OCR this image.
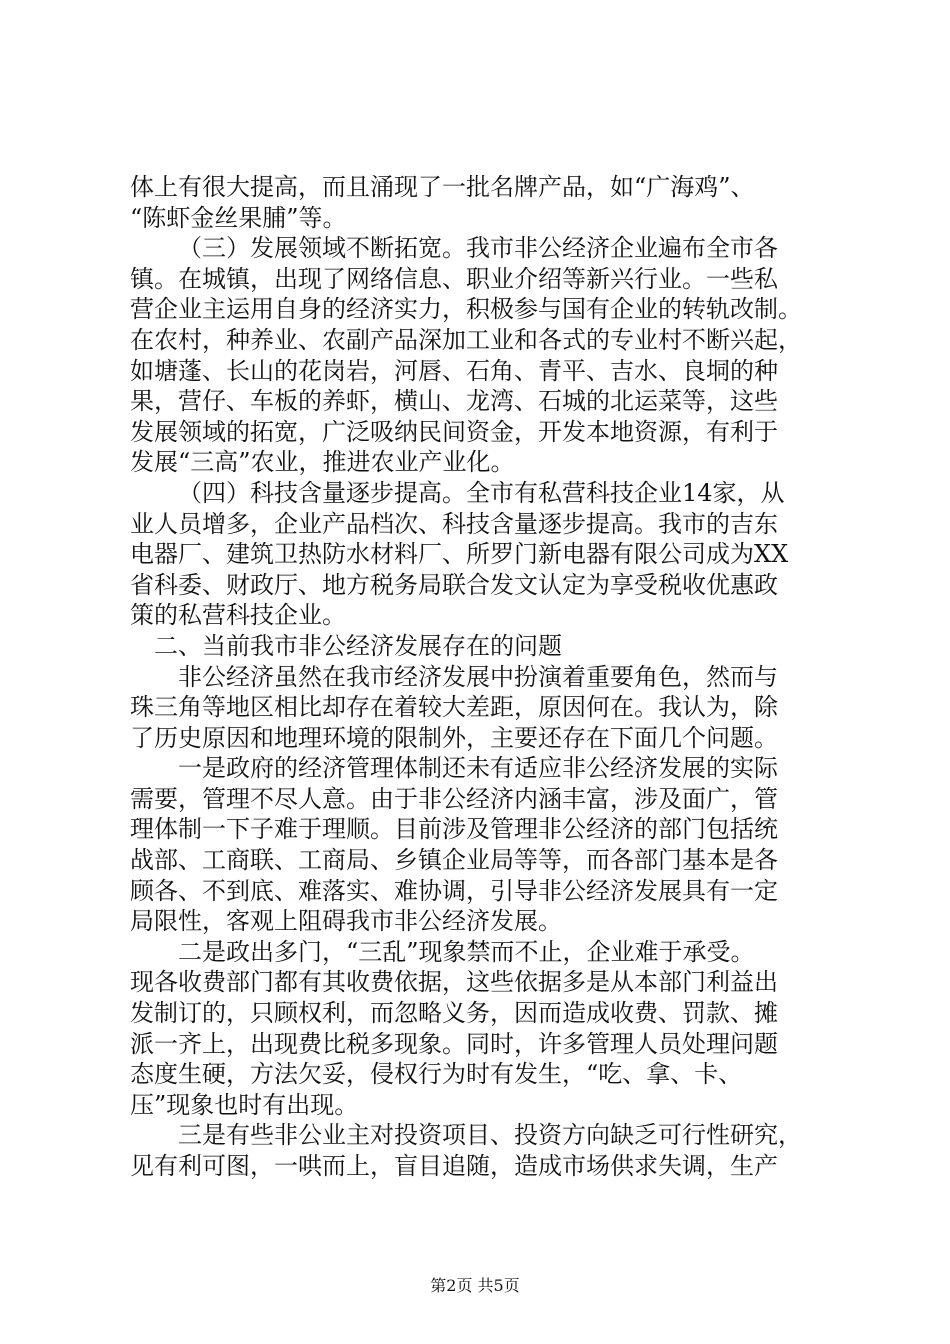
体上有很大提高，而且涌现了一批名牌产品，如“广海鸡”、
“陈虾金丝果脯”等。
（三）发展领域不断拓宽。我市非公经济企业遍布全市各
镇。在城镇，出现了网络信息、职业介绍等新兴行业。一些私
营企业主运用自身的经济实力，积极参与国有企业的转轨改制。
在农村，种养业、农副产品深加工业和各式的专业村不断兴起，
如塘蓬、长山的花岗岩，河唇、石角、青平、吉水、良垌的种
果，营仔、车板的养虾，横山、龙湾、石城的北运菜等，这些
发展领域的拓宽，广泛吸纳民间资金，开发本地资源，有利于
发展“三高”农业，推进农业产业化。
（四）科技含量逐步提高。全市有私营科技企业14家，从
业人员增多，企业产品档次、科技含量逐步提高。我市的吉东
电器厂、建筑卫热防水材料厂、所罗门新电器有限公司成为XX
省科委、财政厅、地方税务局联合发文认定为享受税收优惠政
策的私营科技企业。
二、当前我市非公经济发展存在的问题
非公经济虽然在我市经济发展中扮演着重要角色，然而与
珠三角等地区相比却存在着较大差距，原因何在。我认为，除
了历史原因和地理环境的限制外，主要还存在下面几个问题。
一是政府的经济管理体制还未有适应非公经济发展的实际
需要，管理不尽人意。由于非公经济内涵丰富，涉及面广，管
理体制一下子难于理顺。目前涉及管理非公经济的部门包括统
战部、工商联、工商局、乡镇企业局等等，而各部门基本是各
顾各、不到底、难落实、难协调，引导非公经济发展具有一定
局限性，客观上阻碍我市非公经济发展。
二是政出多门，“三乱”现象禁而不止，企业难于承受。
现各收费部门都有其收费依据，这些依据多是从本部门利益出
发制订的，只顾权利，而忽略义务，因而造成收费、罚款、摊
派一齐上，出现费比税多现象。同时，许多管理人员处理问题
态度生硬，方法欠妥，侵权行为时有发生，“吃、拿、卡、
压”现象也时有出现。
三是有些非公业主对投资项目、投资方向缺乏可行性研究，
见有利可图，一哄而上，盲目追随，造成市场供求失调，生产
第2页 共5页
